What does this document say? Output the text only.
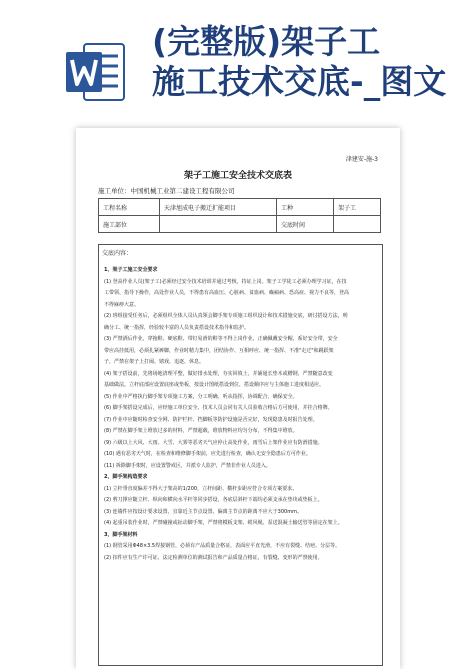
(完整版)架子工
施工技术交底-_图文
津建安-施-3
架子工施工安全技术交底表
施工单位：中国机械工业第二建设工程有限公司
工程名称	天津旭成电子搬迁扩能项目	工种	架子工
施工部位		交底时间	
交底内容：

1、架子工施工安全要求

(1) 登高作业人员(架子工)必须经过安全技术培训并通过考核，持证上岗。架子工学徒工必须办理学习证，在技

工带领、指导下操作，高处作业人员，不得患有高血压、心脏病、贫血病、癫痫病、恐高症、视力不良等，登高

不得麻痹大意。

(2) 班组接受任务后，必须组织全体人员认真领会脚手架专项施工组织设计和技术措施交底，研讨搭设方法，明

确分工、统一指挥，经验较丰富的人员负责搭设技术指导和监护。

(3) 严禁酒后作业，穿拖鞋、硬底鞋、带钉易滑的鞋等不得上岗作业，正确佩戴安全帽、系好安全带，安全

带应高挂低用，必须扎紧裤脚，作业时精力集中，团结协作、互相呼应、统一指挥、不准"走过"和跳跃架

子，严禁在架子上打闹、嬉戏、追逐、休息。

(4) 架子搭设前，先将场地清理平整，做好排水处理，夯实回填土，并铺通长垫木或槽钢，严禁随意改变

基础做法。立杆底部应设置底座或垫板，按设计图纸搭设到位，搭设顺序应与主体施工进度相适应。

(5) 作业中严格执行脚手架专项施工方案，分工明确、听从指挥，协调配合，确保安全。

(6) 脚手架搭设完成后，应经施工单位安全、技术人员会同有关人员验收合格后方可使用，并挂合格牌。

(7) 作业中应随时检查安全网、防护栏杆、挡脚板等防护设施是否完好，发现隐患及时报告处理。

(8) 严禁在脚手架上堆放过多的材料，严禁超载，堆放物料应均匀分布，不得集中堆放。

(9) 六级以上大风、大雨、大雪、大雾等恶劣天气应停止高处作业，雨雪后上架作业应有防滑措施。

(10) 遇有恶劣天气时，在检查和维修脚手架前，应先进行检查，确认无安全隐患后方可作业。

(11) 拆除脚手架时，应设置警戒区，并派专人监护，严禁非作业人员进入。

2、脚手架构造要求

(1) 立杆垂直度偏差不得大于架高的1/200，立杆间距、横杆步距应符合专项方案要求。

(2) 剪刀撑应随立杆、纵向和横向水平杆等同步搭设，各底层斜杆下端均必须支承在垫块或垫板上。

(3) 连墙件应按设计要求设置，宜靠近主节点设置，偏离主节点的距离不应大于300mm。

(4) 起重吊装作业时，严禁碰撞或扯动脚手架，严禁将模板支架、缆风绳、泵送混凝土输送管等固定在架上。

3、脚手架材料

(1) 钢管采用Φ48×3.5焊接钢管，必须有产品质量合格证，表面应平直光滑，不应有裂缝、结疤、分层等。

(2) 扣件应有生产许可证、法定检测单位的测试报告和产品质量合格证，有裂缝、变形的严禁使用。
